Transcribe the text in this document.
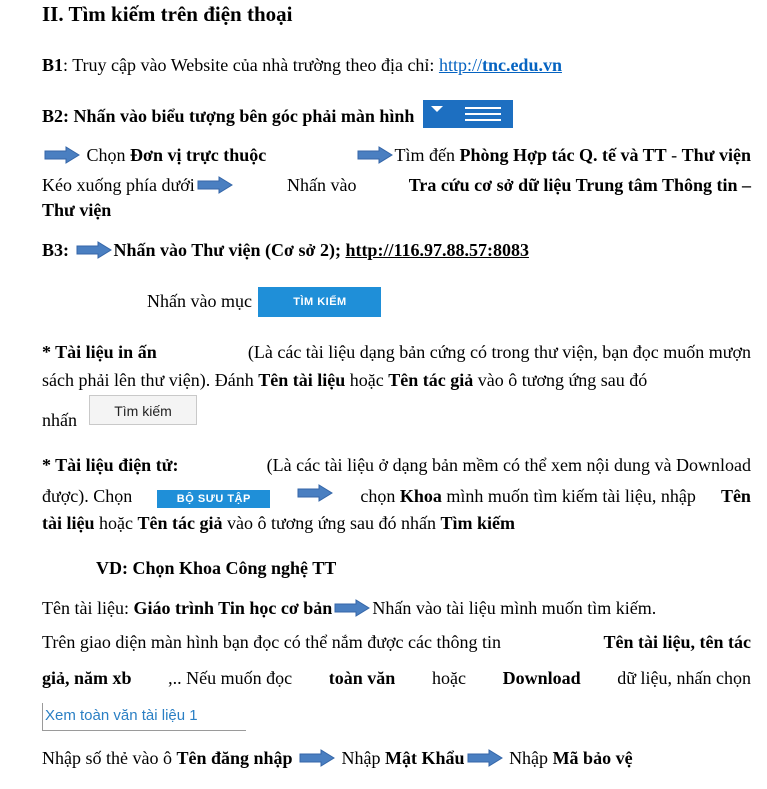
II. Tìm kiếm trên điện thoại
B1: Truy cập vào Website của nhà trường theo địa chỉ: http://tnc.edu.vn
B2: Nhấn vào biểu tượng bên góc phải màn hình
Chọn Đơn vị trực thuộc	Tìm đến Phòng Hợp tác Q. tế và TT - Thư viện
Kéo xuống phía dưới	Nhấn vào	Tra cứu cơ sở dữ liệu Trung tâm Thông tin –
Thư viện
B3: Nhấn vào Thư viện (Cơ sở 2); http://116.97.88.57:8083
Nhấn vào mục	TÌM KIẾM
* Tài liệu in ấn	(Là các tài liệu dạng bản cứng có trong thư viện, bạn đọc muốn mượn
sách phải lên thư viện). Đánh Tên tài liệu hoặc Tên tác giả vào ô tương ứng sau đó
nhấn	Tìm kiếm
* Tài liệu điện tử:	(Là các tài liệu ở dạng bản mềm có thể xem nội dung và Download
được). Chọn	BỘ SƯU TẬP	chọn Khoa mình muốn tìm kiếm tài liệu, nhập Tên
tài liệu hoặc Tên tác giả vào ô tương ứng sau đó nhấn Tìm kiếm
VD: Chọn Khoa Công nghệ TT
Tên tài liệu: Giáo trình Tin học cơ bản Nhấn vào tài liệu mình muốn tìm kiếm.
Trên giao diện màn hình bạn đọc có thể nắm được các thông tin	Tên tài liệu, tên tác
giả, năm xb ,.. Nếu muốn đọc toàn văn hoặc Download dữ liệu, nhấn chọn
Xem toàn văn tài liệu 1
Nhập số thẻ vào ô Tên đăng nhập  Nhập Mật Khẩu Nhập Mã bảo vệ
